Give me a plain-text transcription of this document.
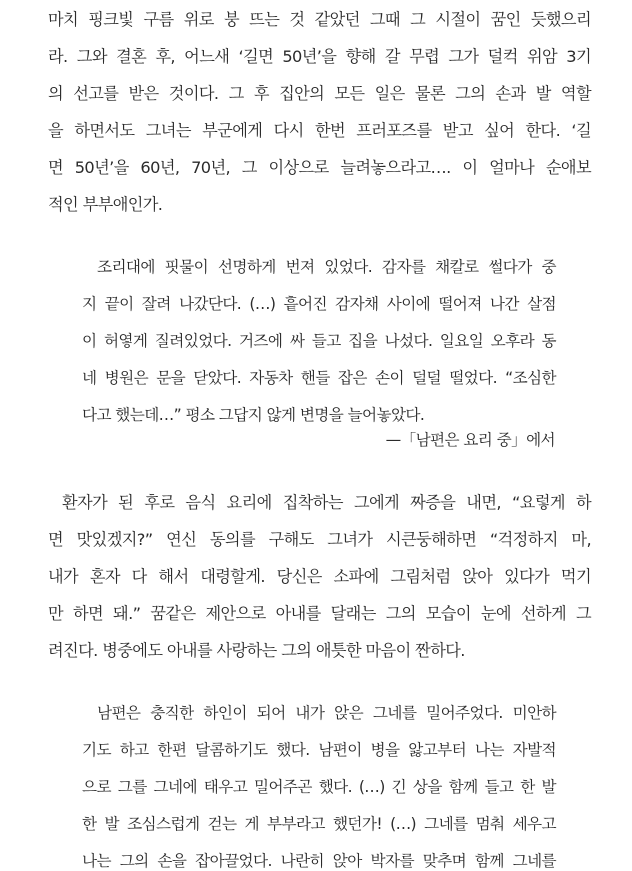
마치 핑크빛 구름 위로 붕 뜨는 것 같았던 그때 그 시절이 꿈인 듯했으리
라. 그와 결혼 후, 어느새 ‘길면 50년’을 향해 갈 무렵 그가 덜컥 위암 3기
의 선고를 받은 것이다. 그 후 집안의 모든 일은 물론 그의 손과 발 역할
을 하면서도 그녀는 부군에게 다시 한번 프러포즈를 받고 싶어 한다. ‘길
면 50년’을 60년, 70년, 그 이상으로 늘려놓으라고…. 이 얼마나 순애보
적인 부부애인가.
조리대에 핏물이 선명하게 번져 있었다. 감자를 채칼로 썰다가 중
지 끝이 잘려 나갔단다. (…) 흩어진 감자채 사이에 떨어져 나간 살점
이 허옇게 질려있었다. 거즈에 싸 들고 집을 나섰다. 일요일 오후라 동
네 병원은 문을 닫았다. 자동차 핸들 잡은 손이 덜덜 떨었다. “조심한
다고 했는데…” 평소 그답지 않게 변명을 늘어놓았다.
—「남편은 요리 중」에서
환자가 된 후로 음식 요리에 집착하는 그에게 짜증을 내면, “요렇게 하
면 맛있겠지?” 연신 동의를 구해도 그녀가 시큰둥해하면 “걱정하지 마,
내가 혼자 다 해서 대령할게. 당신은 소파에 그림처럼 앉아 있다가 먹기
만 하면 돼.” 꿈같은 제안으로 아내를 달래는 그의 모습이 눈에 선하게 그
려진다. 병중에도 아내를 사랑하는 그의 애틋한 마음이 짠하다.
남편은 충직한 하인이 되어 내가 앉은 그네를 밀어주었다. 미안하
기도 하고 한편 달콤하기도 했다. 남편이 병을 앓고부터 나는 자발적
으로 그를 그네에 태우고 밀어주곤 했다. (…) 긴 상을 함께 들고 한 발
한 발 조심스럽게 걷는 게 부부라고 했던가! (…) 그네를 멈춰 세우고
나는 그의 손을 잡아끌었다. 나란히 앉아 박자를 맞추며 함께 그네를
